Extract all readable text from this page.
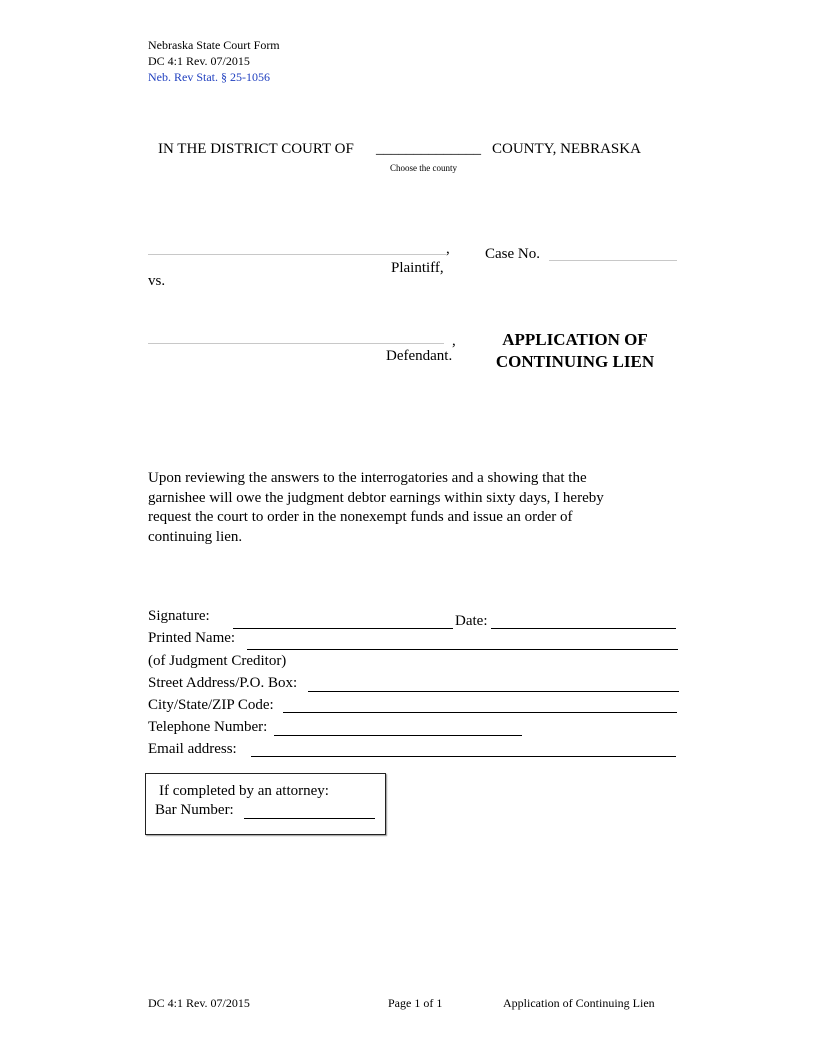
Nebraska State Court Form
DC 4:1 Rev. 07/2015
Neb. Rev Stat. § 25-1056
IN THE DISTRICT COURT OF ______________ COUNTY, NEBRASKA
Choose the county
,
Plaintiff,
vs.
Case No.
,
Defendant.
APPLICATION OF
CONTINUING LIEN
Upon reviewing the answers to the interrogatories and a showing that the garnishee will owe the judgment debtor earnings within sixty days, I hereby request the court to order in the nonexempt funds and issue an order of continuing lien.
Signature:	Date:
Printed Name:
(of Judgment Creditor)
Street Address/P.O. Box:
City/State/ZIP Code:
Telephone Number:
Email address:
If completed by an attorney:
Bar Number:
DC 4:1 Rev. 07/2015	Page 1 of 1	Application of Continuing Lien
